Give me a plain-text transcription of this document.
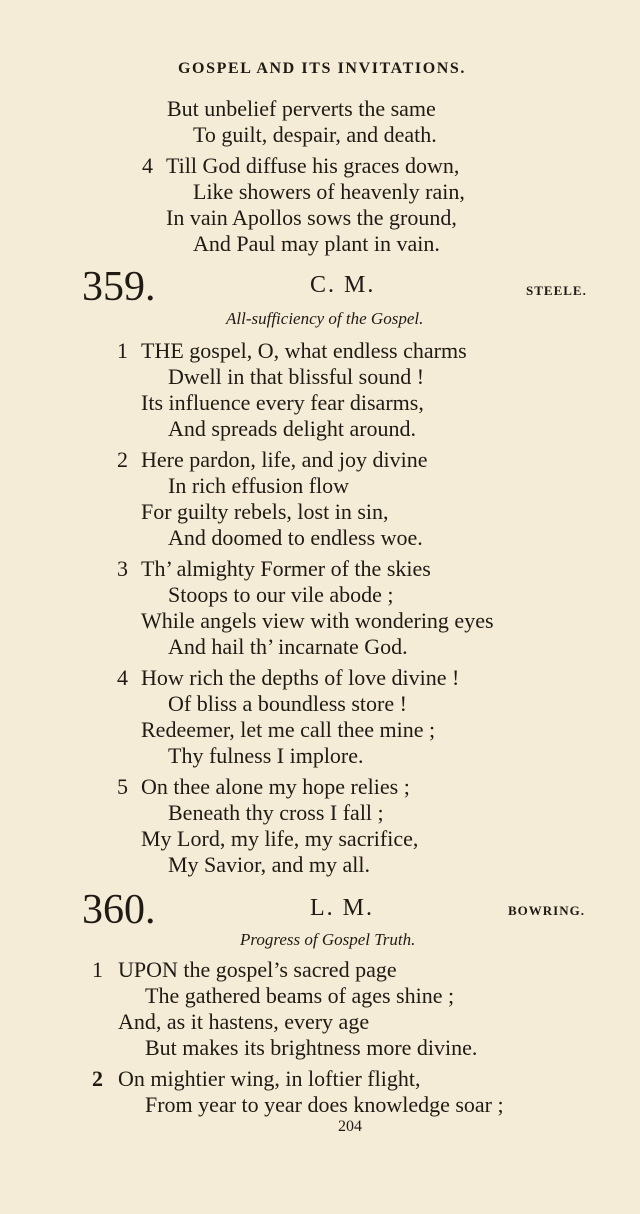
GOSPEL AND ITS INVITATIONS.
But unbelief perverts the same
To guilt, despair, and death.
4 Till God diffuse his graces down,
Like showers of heavenly rain,
In vain Apollos sows the ground,
And Paul may plant in vain.
359.	C. M.	STEELE.
All-sufficiency of the Gospel.
1 THE gospel, O, what endless charms
Dwell in that blissful sound !
Its influence every fear disarms,
And spreads delight around.
2 Here pardon, life, and joy divine
In rich effusion flow
For guilty rebels, lost in sin,
And doomed to endless woe.
3 Th’ almighty Former of the skies
Stoops to our vile abode ;
While angels view with wondering eyes
And hail th’ incarnate God.
4 How rich the depths of love divine !
Of bliss a boundless store !
Redeemer, let me call thee mine ;
Thy fulness I implore.
5 On thee alone my hope relies ;
Beneath thy cross I fall ;
My Lord, my life, my sacrifice,
My Savior, and my all.
360.	L. M.	BOWRING.
Progress of Gospel Truth.
1 UPON the gospel’s sacred page
The gathered beams of ages shine ;
And, as it hastens, every age
But makes its brightness more divine.
2 On mightier wing, in loftier flight,
From year to year does knowledge soar ;
204
